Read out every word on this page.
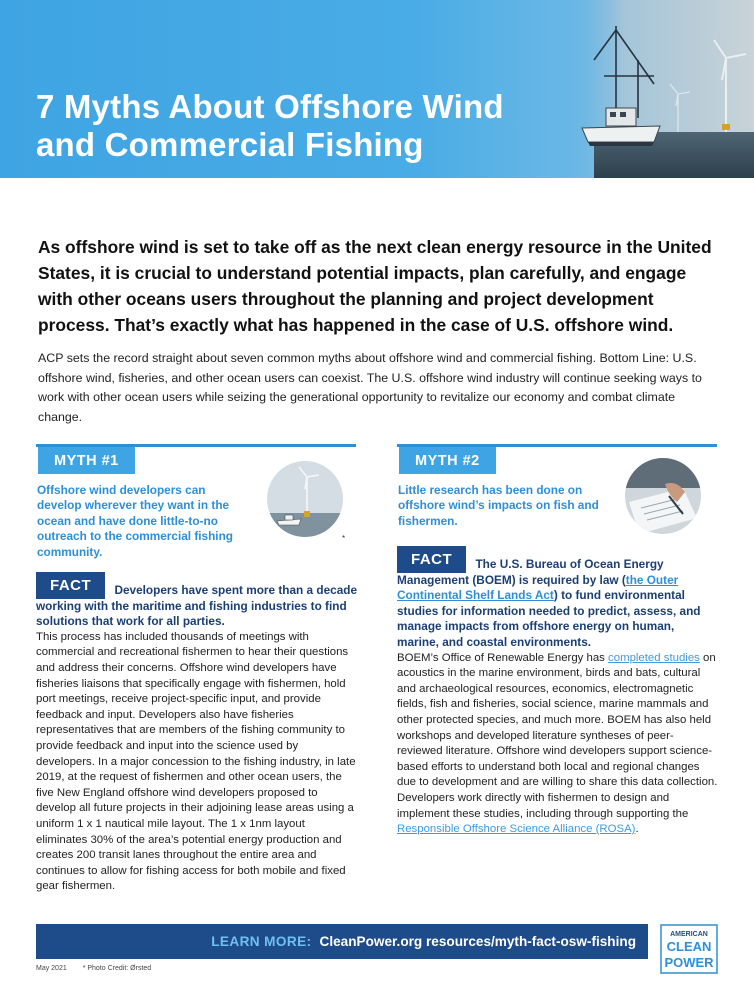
7 Myths About Offshore Wind
and Commercial Fishing

As offshore wind is set to take off as the next clean energy resource in the United States, it is crucial to understand potential impacts, plan carefully, and engage with other oceans users throughout the planning and project development process. That’s exactly what has happened in the case of U.S. offshore wind.

ACP sets the record straight about seven common myths about offshore wind and commercial fishing. Bottom Line: U.S. offshore wind, fisheries, and other ocean users can coexist. The U.S. offshore wind industry will continue seeking ways to work with other ocean users while seizing the generational opportunity to revitalize our economy and combat climate change.

MYTH #1

Offshore wind developers can develop wherever they want in the ocean and have done little-to-no outreach to the commercial fishing community.

*
FACT Developers have spent more than a decade working with the maritime and fishing industries to find solutions that work for all parties.

This process has included thousands of meetings with commercial and recreational fishermen to hear their questions and address their concerns. Offshore wind developers have fisheries liaisons that specifically engage with fishermen, hold port meetings, receive project-specific input, and provide feedback and input. Developers also have fisheries representatives that are members of the fishing community to provide feedback and input into the science used by developers. In a major concession to the fishing industry, in late 2019, at the request of fishermen and other ocean users, the five New England offshore wind developers proposed to develop all future projects in their adjoining lease areas using a uniform 1 x 1 nautical mile layout. The 1 x 1nm layout eliminates 30% of the area’s potential energy production and creates 200 transit lanes throughout the entire area and continues to allow for fishing access for both mobile and fixed gear fishermen.

MYTH #2

Little research has been done on offshore wind’s impacts on fish and fishermen.

FACT The U.S. Bureau of Ocean Energy Management (BOEM) is required by law (the Outer Continental Shelf Lands Act) to fund environmental studies for information needed to predict, assess, and manage impacts from offshore energy on human, marine, and coastal environments.

BOEM’s Office of Renewable Energy has completed studies on acoustics in the marine environment, birds and bats, cultural and archaeological resources, economics, electromagnetic fields, fish and fisheries, social science, marine mammals and other protected species, and much more. BOEM has also held workshops and developed literature syntheses of peer-reviewed literature. Offshore wind developers support science-based efforts to understand both local and regional changes due to development and are willing to share this data collection. Developers work directly with fishermen to design and implement these studies, including through supporting the Responsible Offshore Science Alliance (ROSA).

LEARN MORE: CleanPower.org resources/myth-fact-osw-fishing	AMERICAN
CLEAN
POWER
May 2021 * Photo Credit: Ørsted
